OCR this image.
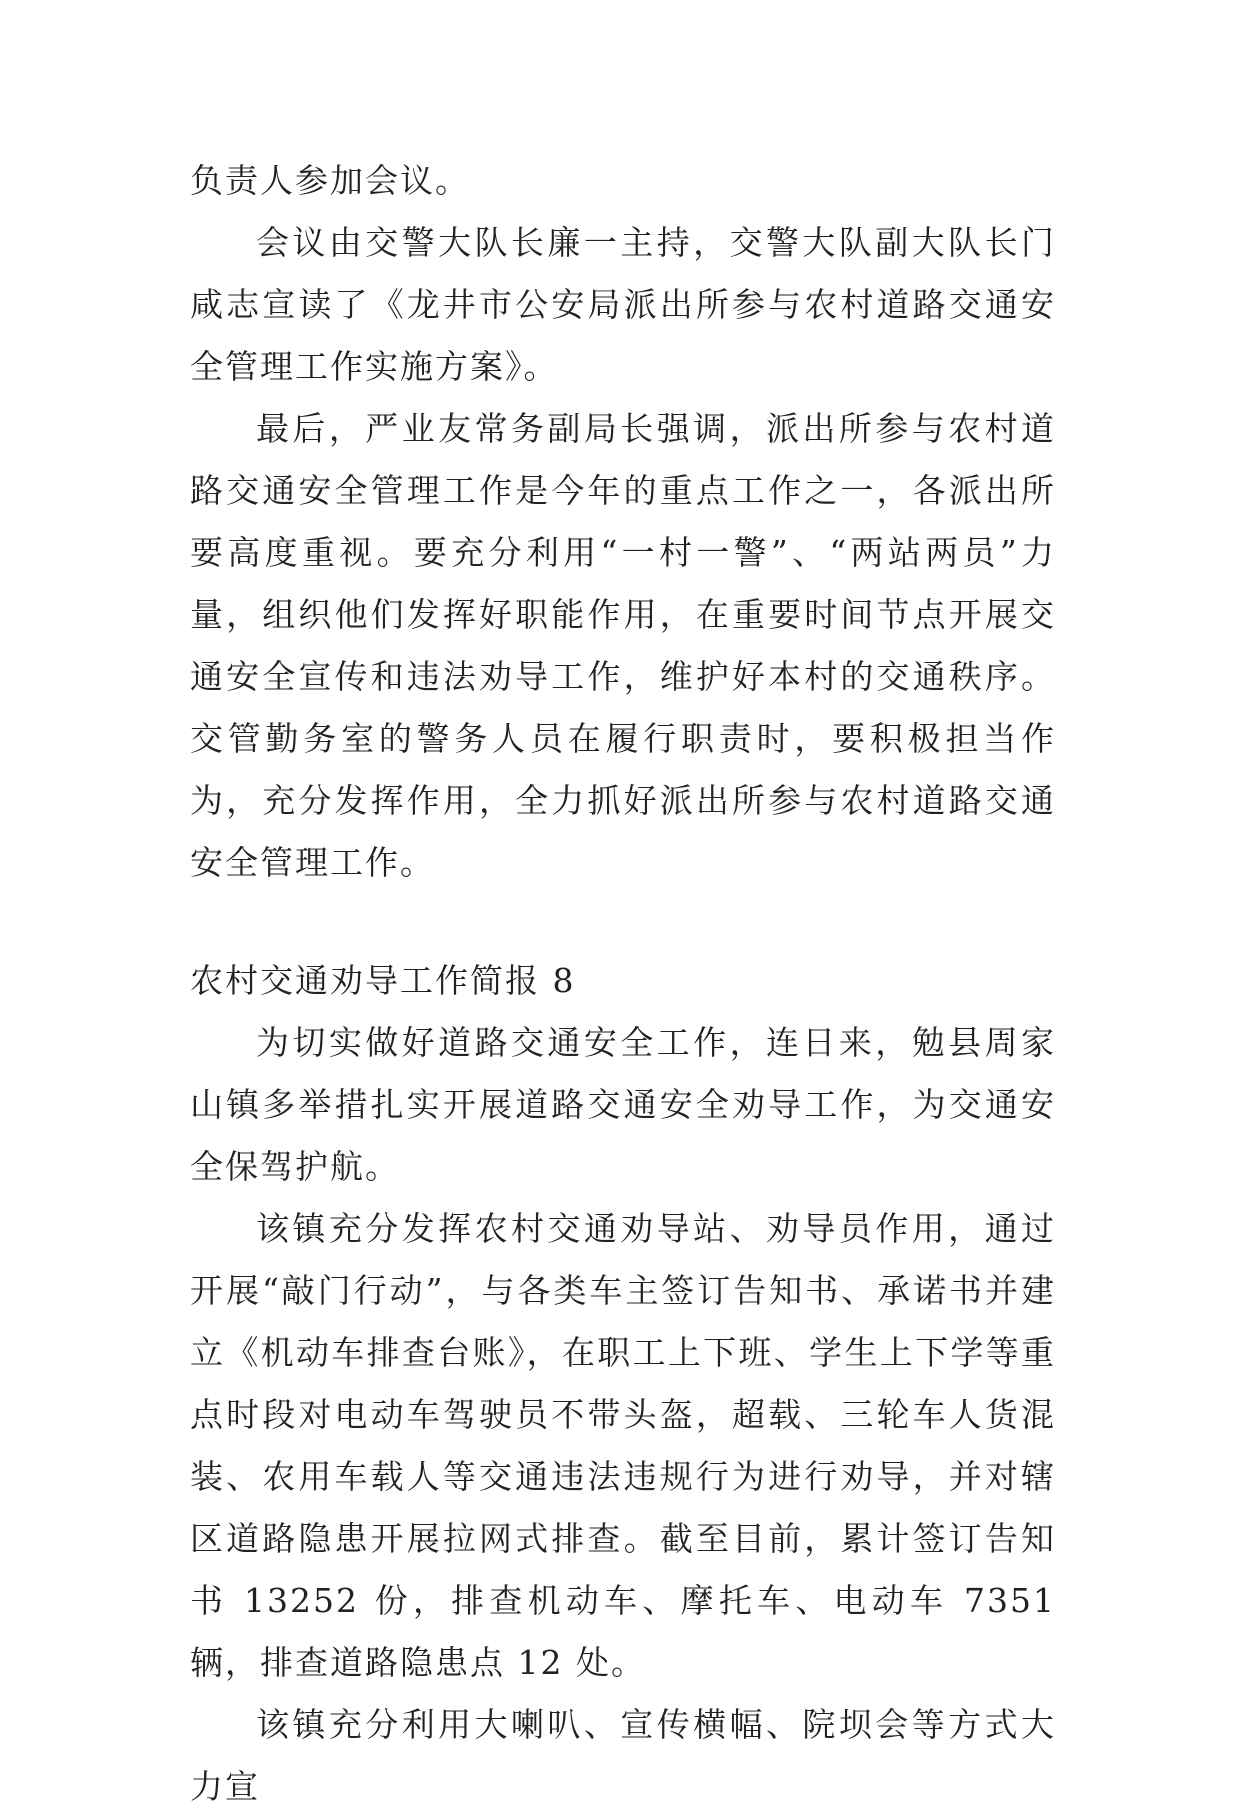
负责人参加会议。

会议由交警大队长廉一主持，交警大队副大队长门咸志宣读了《龙井市公安局派出所参与农村道路交通安全管理工作实施方案》。

最后，严业友常务副局长强调，派出所参与农村道路交通安全管理工作是今年的重点工作之一，各派出所要高度重视。要充分利用“一村一警”、“两站两员”力量，组织他们发挥好职能作用，在重要时间节点开展交通安全宣传和违法劝导工作，维护好本村的交通秩序。交管勤务室的警务人员在履行职责时，要积极担当作为，充分发挥作用，全力抓好派出所参与农村道路交通安全管理工作。

农村交通劝导工作简报 8

为切实做好道路交通安全工作，连日来，勉县周家山镇多举措扎实开展道路交通安全劝导工作，为交通安全保驾护航。

该镇充分发挥农村交通劝导站、劝导员作用，通过开展“敲门行动”，与各类车主签订告知书、承诺书并建立《机动车排查台账》，在职工上下班、学生上下学等重点时段对电动车驾驶员不带头盔，超载、三轮车人货混装、农用车载人等交通违法违规行为进行劝导，并对辖区道路隐患开展拉网式排查。截至目前，累计签订告知书 13252 份，排查机动车、摩托车、电动车 7351 辆，排查道路隐患点 12 处。

该镇充分利用大喇叭、宣传横幅、院坝会等方式大力宣
